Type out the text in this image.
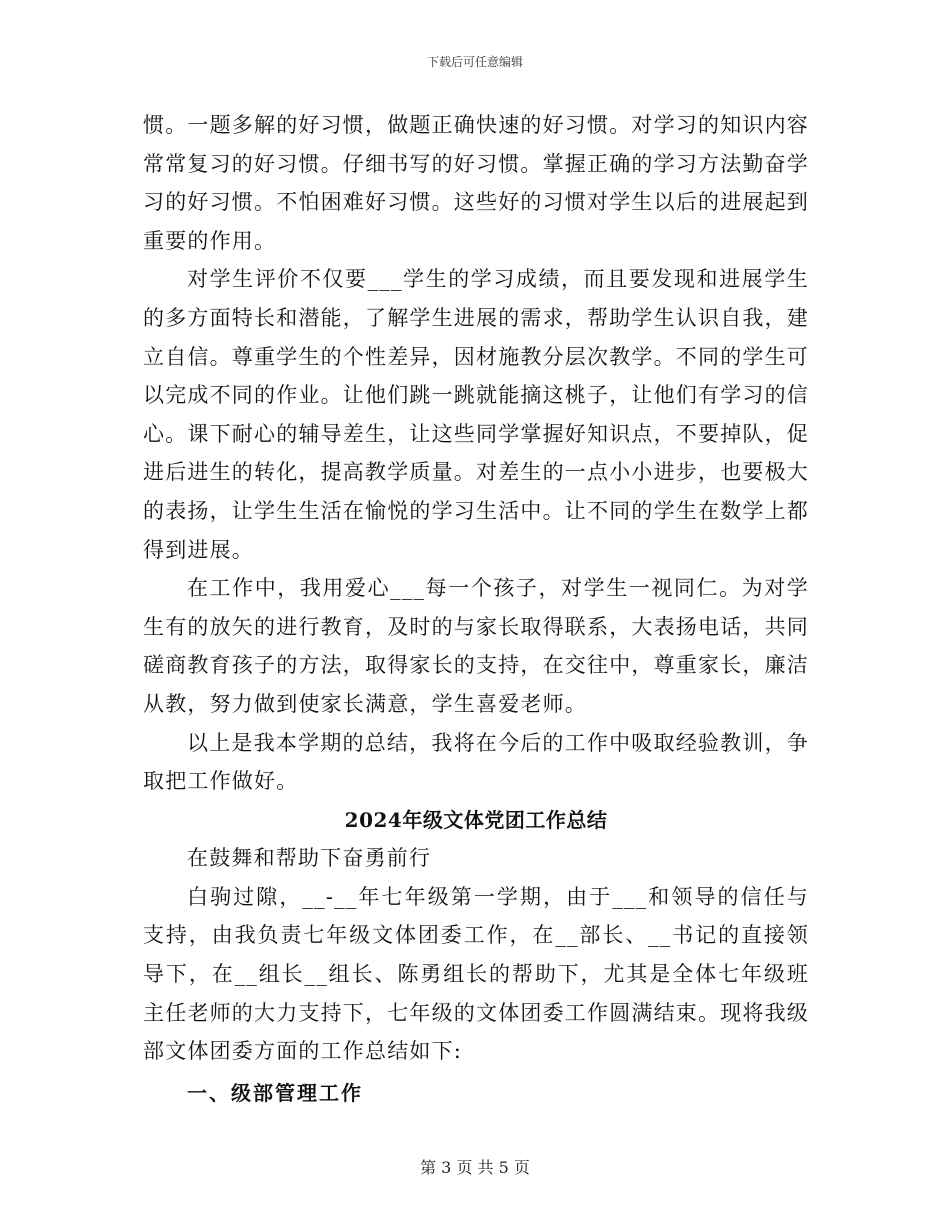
下载后可任意编辑

惯。一题多解的好习惯，做题正确快速的好习惯。对学习的知识内容常常复习的好习惯。仔细书写的好习惯。掌握正确的学习方法勤奋学习的好习惯。不怕困难好习惯。这些好的习惯对学生以后的进展起到重要的作用。

对学生评价不仅要___学生的学习成绩，而且要发现和进展学生的多方面特长和潜能，了解学生进展的需求，帮助学生认识自我，建立自信。尊重学生的个性差异，因材施教分层次教学。不同的学生可以完成不同的作业。让他们跳一跳就能摘这桃子，让他们有学习的信心。课下耐心的辅导差生，让这些同学掌握好知识点，不要掉队，促进后进生的转化，提高教学质量。对差生的一点小小进步，也要极大的表扬，让学生生活在愉悦的学习生活中。让不同的学生在数学上都得到进展。

在工作中，我用爱心___每一个孩子，对学生一视同仁。为对学生有的放矢的进行教育，及时的与家长取得联系，大表扬电话，共同磋商教育孩子的方法，取得家长的支持，在交往中，尊重家长，廉洁从教，努力做到使家长满意，学生喜爱老师。

以上是我本学期的总结，我将在今后的工作中吸取经验教训，争取把工作做好。

2024年级文体党团工作总结

在鼓舞和帮助下奋勇前行

白驹过隙，__-__年七年级第一学期，由于___和领导的信任与支持，由我负责七年级文体团委工作，在__部长、__书记的直接领导下，在__组长__组长、陈勇组长的帮助下，尤其是全体七年级班主任老师的大力支持下，七年级的文体团委工作圆满结束。现将我级部文体团委方面的工作总结如下:

一、级部管理工作
第 3 页 共 5 页
